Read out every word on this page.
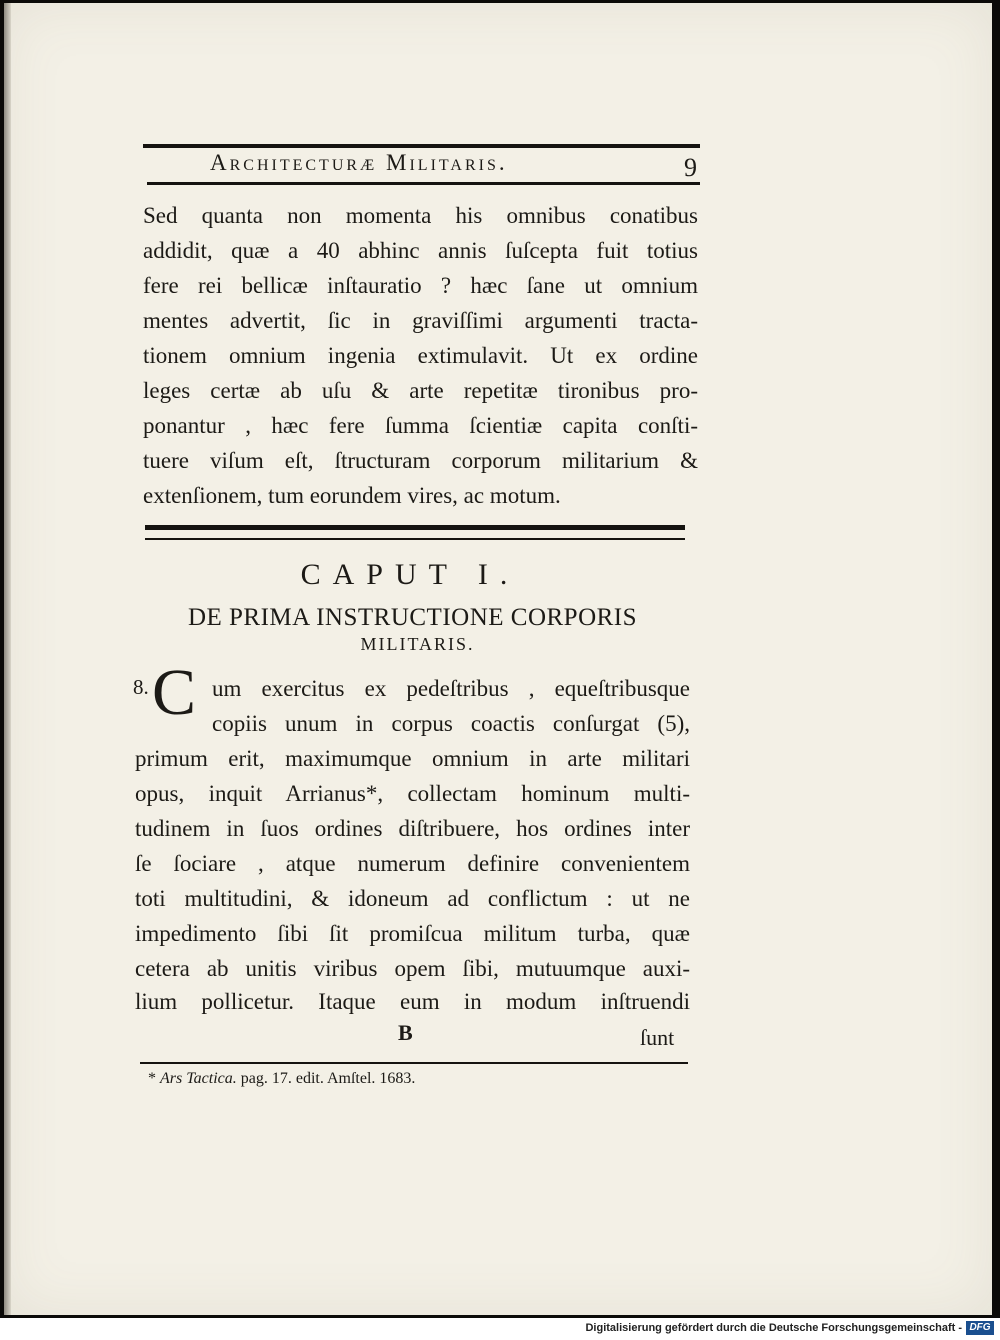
Architecturæ Militaris.	9
Sed quanta non momenta his omnibus conatibus
addidit, quæ a 40 abhinc annis ſuſcepta fuit totius
fere rei bellicæ inſtauratio ? hæc ſane ut omnium
mentes advertit, ſic in graviſſimi argumenti tracta-
tionem omnium ingenia extimulavit. Ut ex ordine
leges certæ ab uſu & arte repetitæ tironibus pro-
ponantur , hæc fere ſumma ſcientiæ capita conſti-
tuere viſum eſt, ſtructuram corporum militarium &
extenſionem, tum eorundem vires, ac motum.
CAPUT I.
DE PRIMA INSTRUCTIONE CORPORIS
MILITARIS.
8. C um exercitus ex pedeſtribus , equeſtribusque
copiis unum in corpus coactis conſurgat (5),
primum erit, maximumque omnium in arte militari
opus, inquit Arrianus*, collectam hominum multi-
tudinem in ſuos ordines diſtribuere, hos ordines inter
ſe ſociare , atque numerum definire convenientem
toti multitudini, & idoneum ad conflictum : ut ne
impedimento ſibi ſit promiſcua militum turba, quæ
cetera ab unitis viribus opem ſibi, mutuumque auxi-
lium pollicetur. Itaque eum in modum inſtruendi
B	ſunt
* Ars Tactica. pag. 17. edit. Amſtel. 1683.
Digitalisierung gefördert durch die Deutsche Forschungsgemeinschaft - DFG
